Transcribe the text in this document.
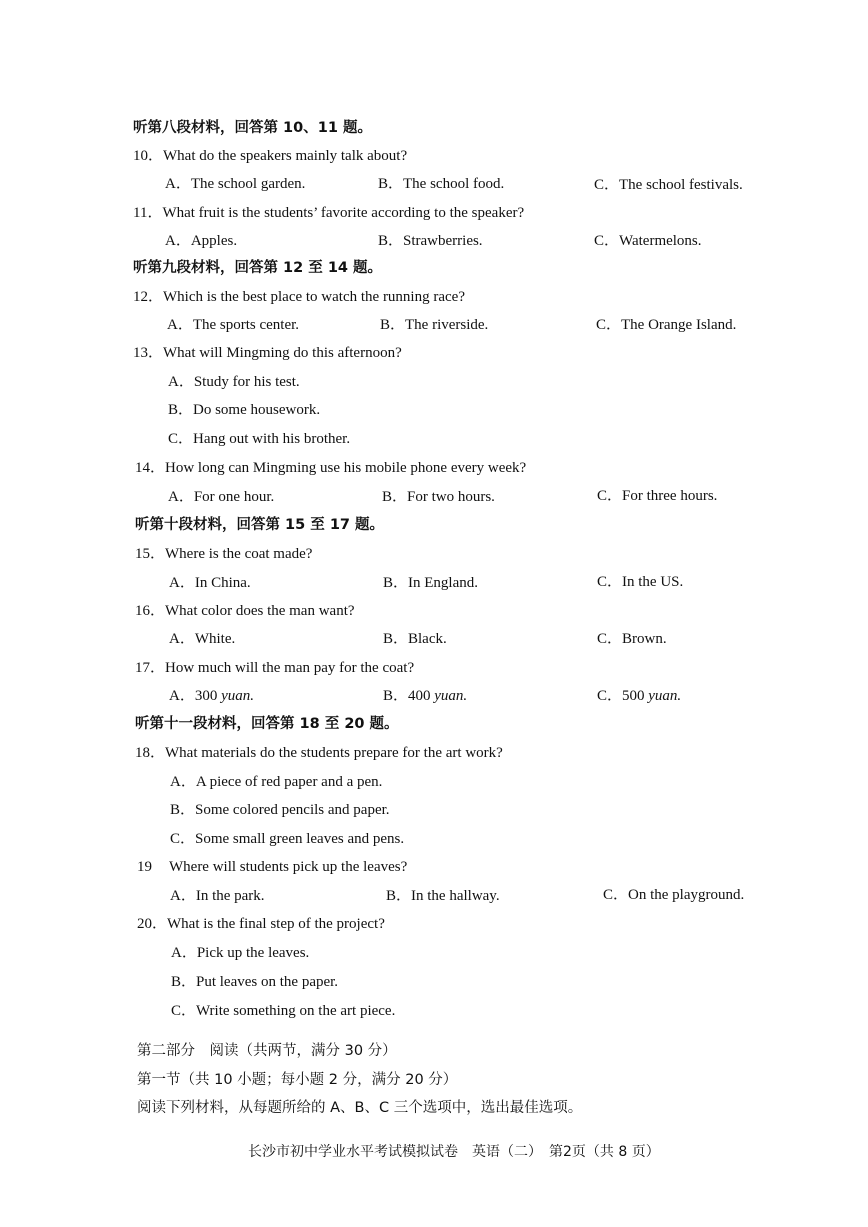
听第八段材料，回答第 10、11 题。
10．What do the speakers mainly talk about?
A．The school garden.	B．The school food.	C．The school festivals.
11．What fruit is the students’ favorite according to the speaker?
A．Apples.	B．Strawberries.	C．Watermelons.
听第九段材料，回答第 12 至 14 题。
12．Which is the best place to watch the running race?
A．The sports center.	B．The riverside.	C．The Orange Island.
13．What will Mingming do this afternoon?
A．Study for his test.
B．Do some housework.
C．Hang out with his brother.
14．How long can Mingming use his mobile phone every week?
A．For one hour.	B．For two hours.	C．For three hours.
听第十段材料，回答第 15 至 17 题。
15．Where is the coat made?
A．In China.	B．In England.	C．In the US.
16．What color does the man want?
A．White.	B．Black.	C．Brown.
17．How much will the man pay for the coat?
A．300 yuan.	B．400 yuan.	C．500 yuan.
听第十一段材料，回答第 18 至 20 题。
18．What materials do the students prepare for the art work?
A．A piece of red paper and a pen.
B．Some colored pencils and paper.
C．Some small green leaves and pens.
19 Where will students pick up the leaves?
A．In the park.	B．In the hallway.	C．On the playground.
20．What is the final step of the project?
A．Pick up the leaves.
B．Put leaves on the paper.
C．Write something on the art piece.
第二部分　阅读（共两节，满分 30 分）
第一节（共 10 小题；每小题 2 分，满分 20 分）
阅读下列材料，从每题所给的 A、B、C 三个选项中，选出最佳选项。
长沙市初中学业水平考试模拟试卷　英语（二）　第2页（共 8 页）
